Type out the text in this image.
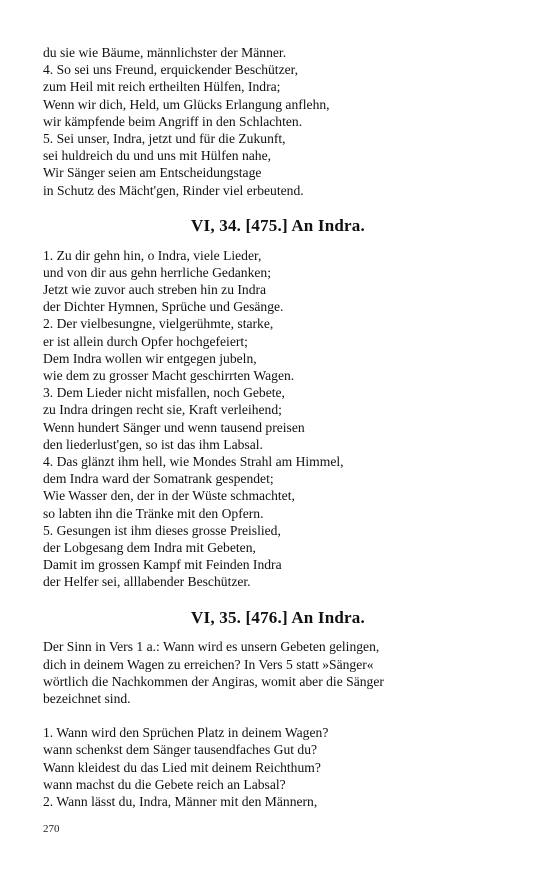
du sie wie Bäume, männlichster der Männer.
4. So sei uns Freund, erquickender Beschützer,
zum Heil mit reich ertheilten Hülfen, Indra;
Wenn wir dich, Held, um Glücks Erlangung anflehn,
wir kämpfende beim Angriff in den Schlachten.
5. Sei unser, Indra, jetzt und für die Zukunft,
sei huldreich du und uns mit Hülfen nahe,
Wir Sänger seien am Entscheidungstage
in Schutz des Mächt'gen, Rinder viel erbeutend.
VI, 34. [475.] An Indra.
1. Zu dir gehn hin, o Indra, viele Lieder,
und von dir aus gehn herrliche Gedanken;
Jetzt wie zuvor auch streben hin zu Indra
der Dichter Hymnen, Sprüche und Gesänge.
2. Der vielbesungne, vielgerühmte, starke,
er ist allein durch Opfer hochgefeiert;
Dem Indra wollen wir entgegen jubeln,
wie dem zu grosser Macht geschirrten Wagen.
3. Dem Lieder nicht misfallen, noch Gebete,
zu Indra dringen recht sie, Kraft verleihend;
Wenn hundert Sänger und wenn tausend preisen
den liederlust'gen, so ist das ihm Labsal.
4. Das glänzt ihm hell, wie Mondes Strahl am Himmel,
dem Indra ward der Somatrank gespendet;
Wie Wasser den, der in der Wüste schmachtet,
so labten ihn die Tränke mit den Opfern.
5. Gesungen ist ihm dieses grosse Preislied,
der Lobgesang dem Indra mit Gebeten,
Damit im grossen Kampf mit Feinden Indra
der Helfer sei, alllabender Beschützer.
VI, 35. [476.] An Indra.
Der Sinn in Vers 1 a.: Wann wird es unsern Gebeten gelingen,
dich in deinem Wagen zu erreichen? In Vers 5 statt »Sänger«
wörtlich die Nachkommen der Angiras, womit aber die Sänger
bezeichnet sind.
1. Wann wird den Sprüchen Platz in deinem Wagen?
wann schenkst dem Sänger tausendfaches Gut du?
Wann kleidest du das Lied mit deinem Reichthum?
wann machst du die Gebete reich an Labsal?
2. Wann lässt du, Indra, Männer mit den Männern,
270
